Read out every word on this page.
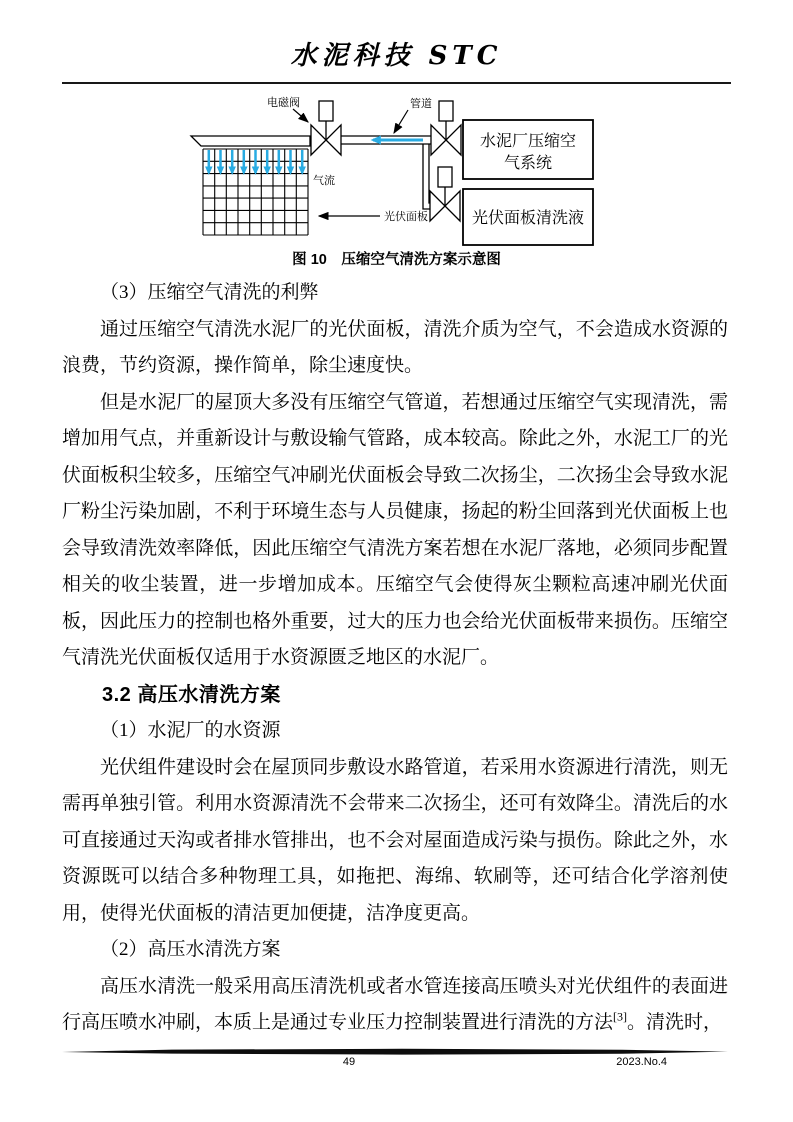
水泥科技 STC
气流
光伏面板
电磁阀	管道
水泥厂压缩空
气系统
光伏面板清洗液
图 10　压缩空气清洗方案示意图

（3）压缩空气清洗的利弊

通过压缩空气清洗水泥厂的光伏面板，清洗介质为空气，不会造成水资源的浪费，节约资源，操作简单，除尘速度快。

但是水泥厂的屋顶大多没有压缩空气管道，若想通过压缩空气实现清洗，需增加用气点，并重新设计与敷设输气管路，成本较高。除此之外，水泥工厂的光伏面板积尘较多，压缩空气冲刷光伏面板会导致二次扬尘，二次扬尘会导致水泥厂粉尘污染加剧，不利于环境生态与人员健康，扬起的粉尘回落到光伏面板上也会导致清洗效率降低，因此压缩空气清洗方案若想在水泥厂落地，必须同步配置相关的收尘装置，进一步增加成本。压缩空气会使得灰尘颗粒高速冲刷光伏面板，因此压力的控制也格外重要，过大的压力也会给光伏面板带来损伤。压缩空气清洗光伏面板仅适用于水资源匮乏地区的水泥厂。

3.2 高压水清洗方案

（1）水泥厂的水资源

光伏组件建设时会在屋顶同步敷设水路管道，若采用水资源进行清洗，则无需再单独引管。利用水资源清洗不会带来二次扬尘，还可有效降尘。清洗后的水可直接通过天沟或者排水管排出，也不会对屋面造成污染与损伤。除此之外，水资源既可以结合多种物理工具，如拖把、海绵、软刷等，还可结合化学溶剂使用，使得光伏面板的清洁更加便捷，洁净度更高。

（2）高压水清洗方案

高压水清洗一般采用高压清洗机或者水管连接高压喷头对光伏组件的表面进行高压喷水冲刷，本质上是通过专业压力控制装置进行清洗的方法[3]。清洗时，

49	2023.No.4
